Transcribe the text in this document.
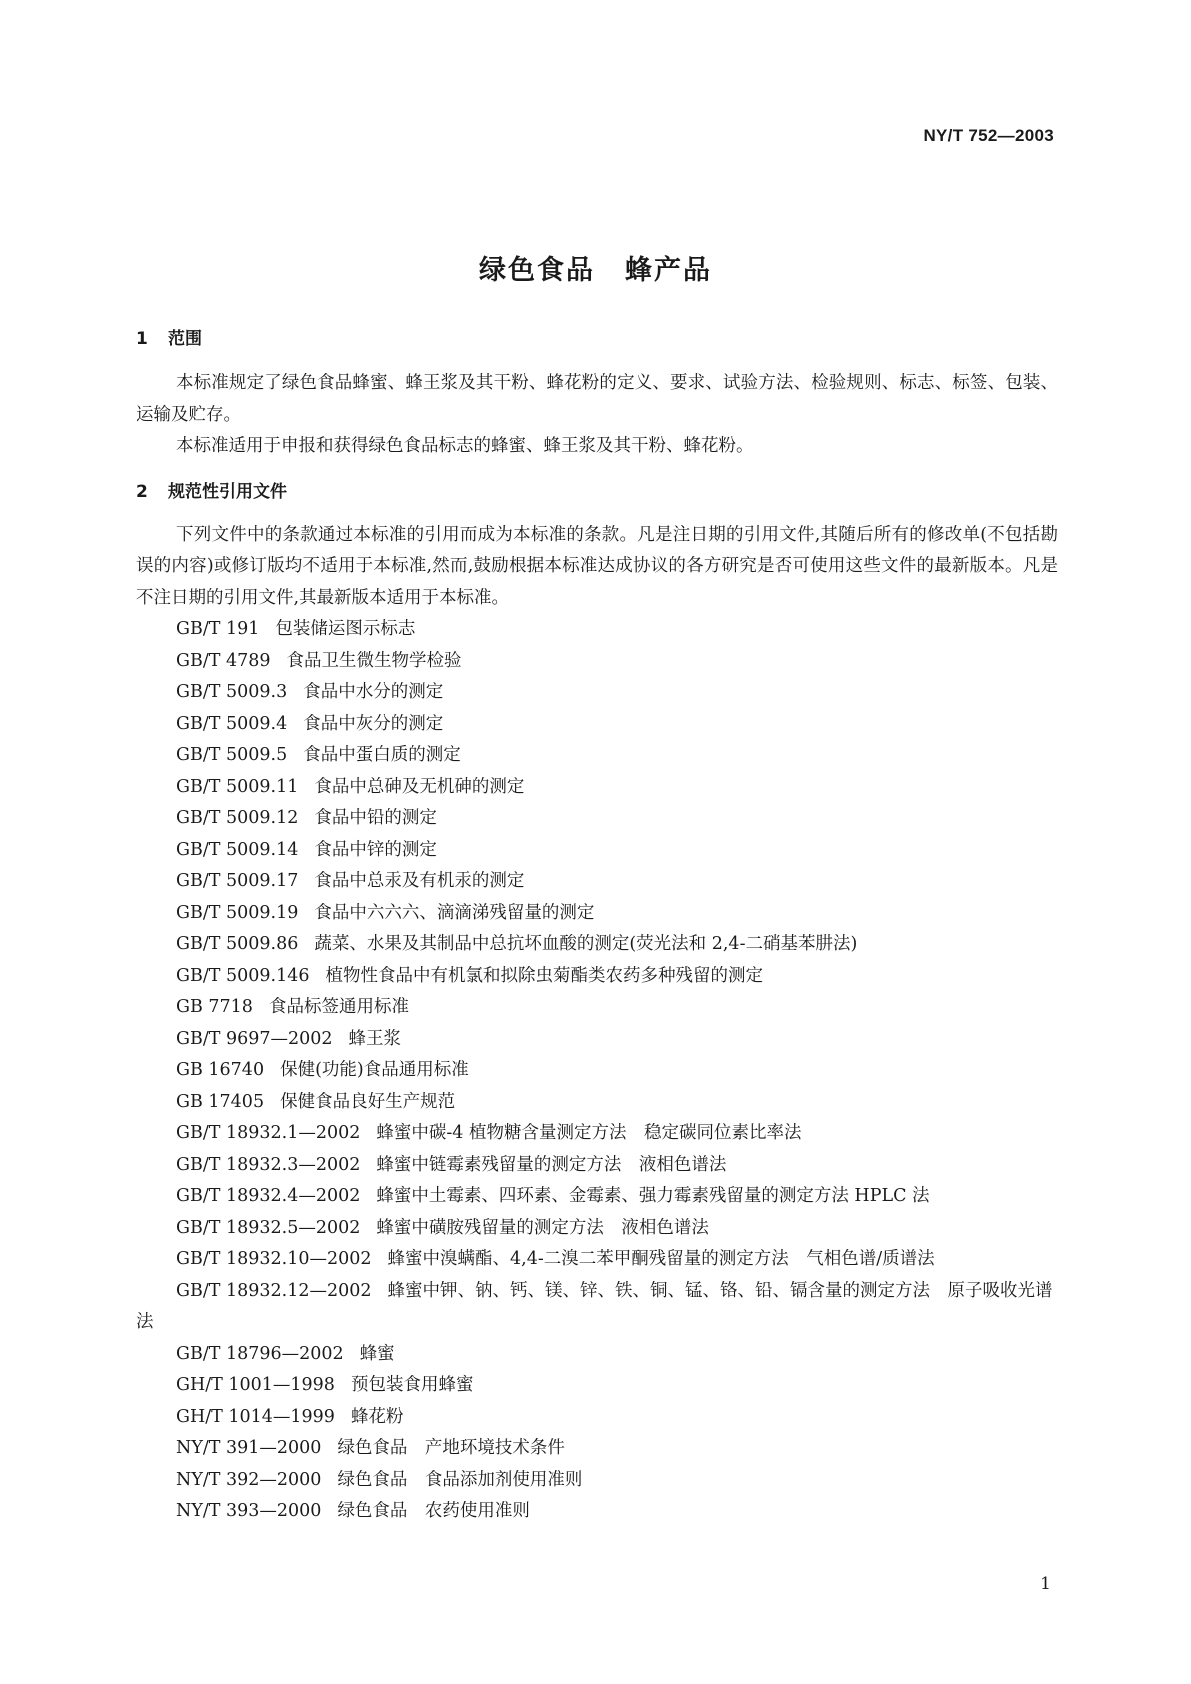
NY/T 752—2003
绿色食品 蜂产品
1 范围

本标准规定了绿色食品蜂蜜、蜂王浆及其干粉、蜂花粉的定义、要求、试验方法、检验规则、标志、标签、包装、运输及贮存。

本标准适用于申报和获得绿色食品标志的蜂蜜、蜂王浆及其干粉、蜂花粉。

2 规范性引用文件

下列文件中的条款通过本标准的引用而成为本标准的条款。凡是注日期的引用文件,其随后所有的修改单(不包括勘误的内容)或修订版均不适用于本标准,然而,鼓励根据本标准达成协议的各方研究是否可使用这些文件的最新版本。凡是不注日期的引用文件,其最新版本适用于本标准。

GB/T 191 包装储运图示标志
GB/T 4789 食品卫生微生物学检验
GB/T 5009.3 食品中水分的测定
GB/T 5009.4 食品中灰分的测定
GB/T 5009.5 食品中蛋白质的测定
GB/T 5009.11 食品中总砷及无机砷的测定
GB/T 5009.12 食品中铅的测定
GB/T 5009.14 食品中锌的测定
GB/T 5009.17 食品中总汞及有机汞的测定
GB/T 5009.19 食品中六六六、滴滴涕残留量的测定
GB/T 5009.86 蔬菜、水果及其制品中总抗坏血酸的测定(荧光法和 2,4-二硝基苯肼法)
GB/T 5009.146 植物性食品中有机氯和拟除虫菊酯类农药多种残留的测定
GB 7718 食品标签通用标准
GB/T 9697—2002 蜂王浆
GB 16740 保健(功能)食品通用标准
GB 17405 保健食品良好生产规范
GB/T 18932.1—2002 蜂蜜中碳-4 植物糖含量测定方法　稳定碳同位素比率法
GB/T 18932.3—2002 蜂蜜中链霉素残留量的测定方法　液相色谱法
GB/T 18932.4—2002 蜂蜜中土霉素、四环素、金霉素、强力霉素残留量的测定方法 HPLC 法
GB/T 18932.5—2002 蜂蜜中磺胺残留量的测定方法　液相色谱法
GB/T 18932.10—2002 蜂蜜中溴螨酯、4,4-二溴二苯甲酮残留量的测定方法　气相色谱/质谱法
GB/T 18932.12—2002 蜂蜜中钾、钠、钙、镁、锌、铁、铜、锰、铬、铅、镉含量的测定方法　原子吸收光谱法
GB/T 18796—2002 蜂蜜
GH/T 1001—1998 预包装食用蜂蜜
GH/T 1014—1999 蜂花粉
NY/T 391—2000 绿色食品　产地环境技术条件
NY/T 392—2000 绿色食品　食品添加剂使用准则
NY/T 393—2000 绿色食品　农药使用准则
1
